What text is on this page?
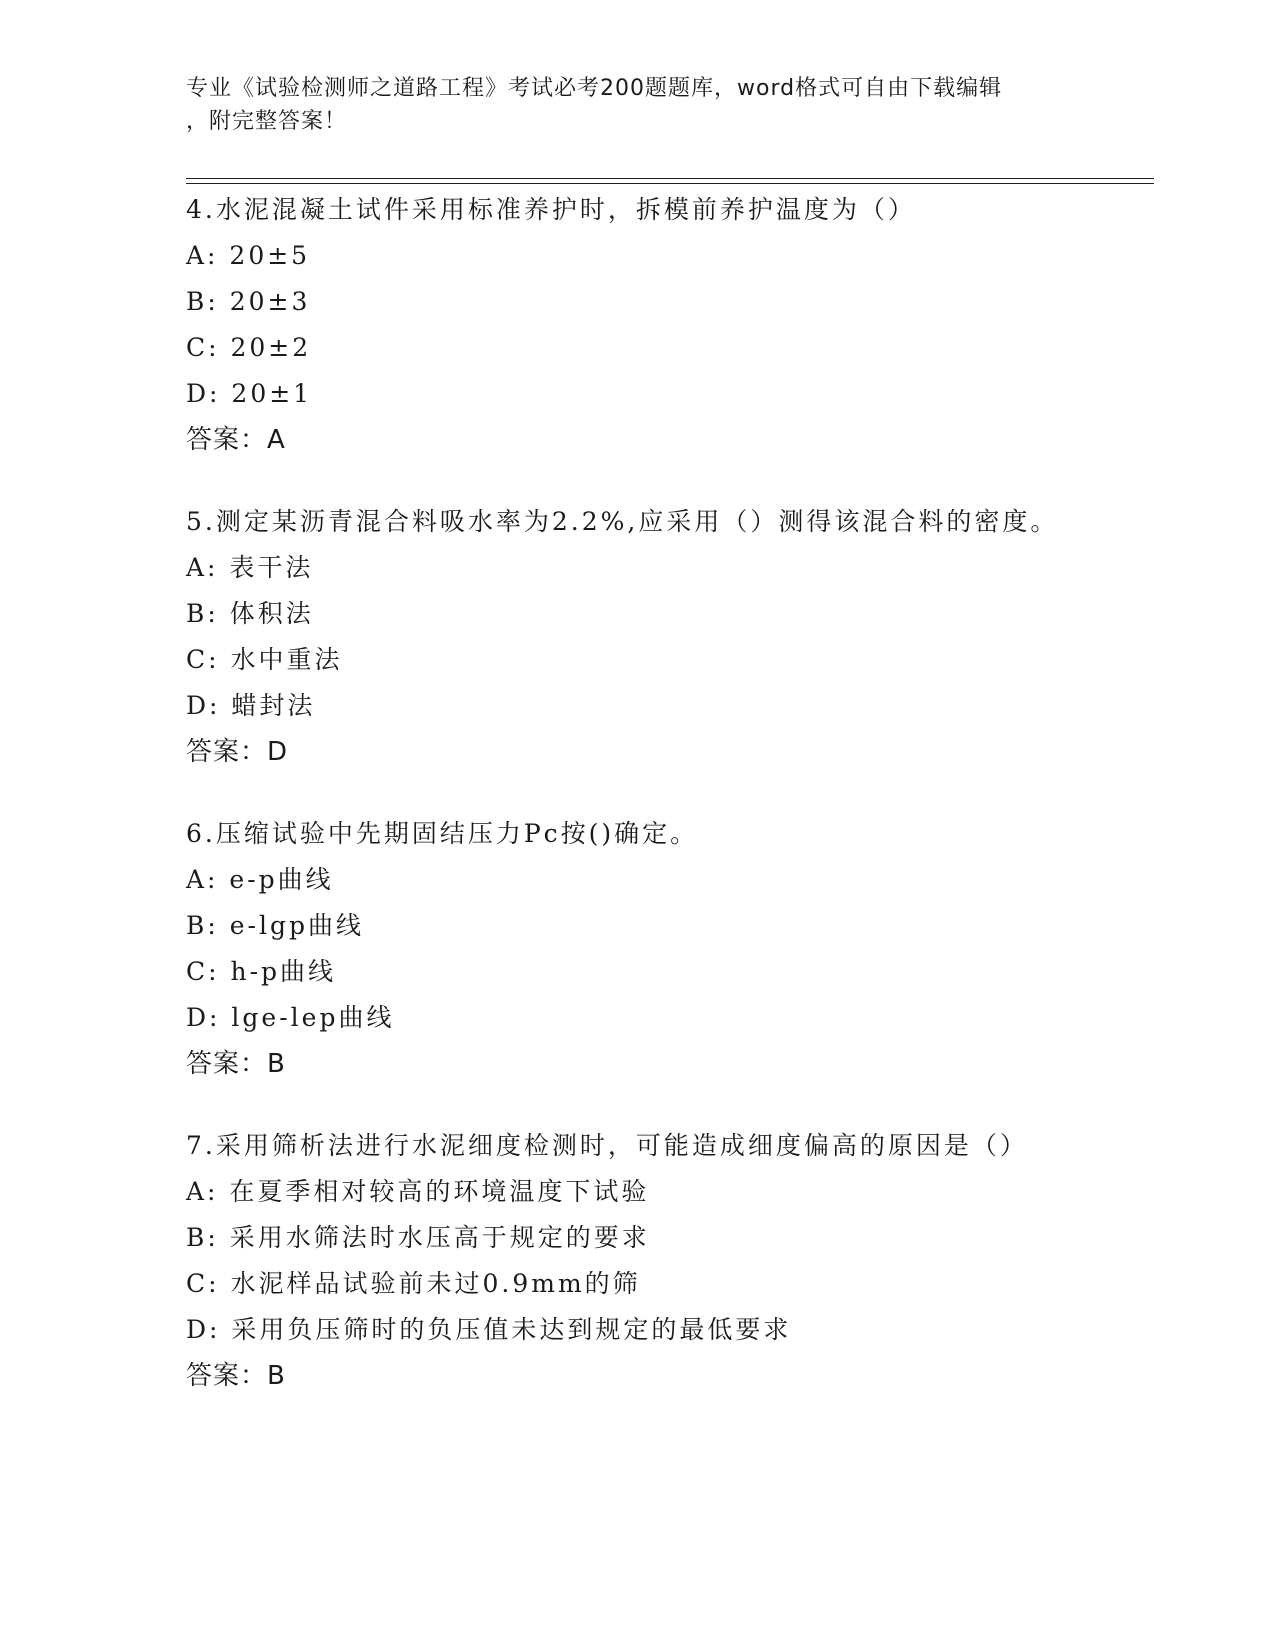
专业《试验检测师之道路工程》考试必考200题题库，word格式可自由下载编辑
，附完整答案！
4.水泥混凝土试件采用标准养护时，拆模前养护温度为（）
A: 20±5
B: 20±3
C: 20±2
D: 20±1
答案：A
5.测定某沥青混合料吸水率为2.2%,应采用（）测得该混合料的密度。
A: 表干法
B: 体积法
C: 水中重法
D: 蜡封法
答案：D
6.压缩试验中先期固结压力Pc按()确定。
A: e-p曲线
B: e-lgp曲线
C: h-p曲线
D: lge-lep曲线
答案：B
7.采用筛析法进行水泥细度检测时，可能造成细度偏高的原因是（）
A: 在夏季相对较高的环境温度下试验
B: 采用水筛法时水压高于规定的要求
C: 水泥样品试验前未过0.9mm的筛
D: 采用负压筛时的负压值未达到规定的最低要求
答案：B
